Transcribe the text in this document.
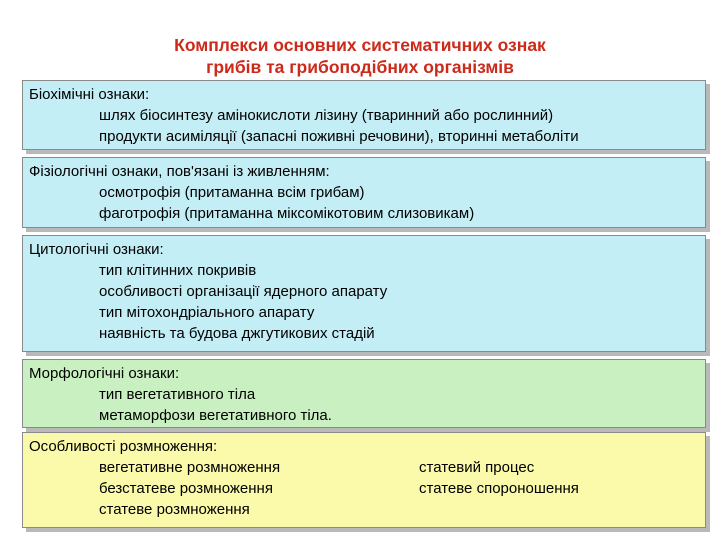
Комплекси основних систематичних ознак
грибів та грибоподібних організмів
Біохімічні ознаки:
шлях біосинтезу амінокислоти лізину (тваринний або рослинний)
продукти асиміляції (запасні поживні речовини), вторинні метаболіти
Фізіологічні ознаки, пов'язані із живленням:
осмотрофія (притаманна всім грибам)
фаготрофія (притаманна міксомікотовим слизовикам)
Цитологічні ознаки:
тип клітинних покривів
особливості організації ядерного апарату
тип мітохондріального апарату
наявність та будова джгутикових стадій
Морфологічні ознаки:
тип вегетативного тіла
метаморфози вегетативного тіла.
Особливості розмноження:
вегетативне розмноження
безстатеве розмноження
статеве розмноження
статевий процес
статеве спороношення
